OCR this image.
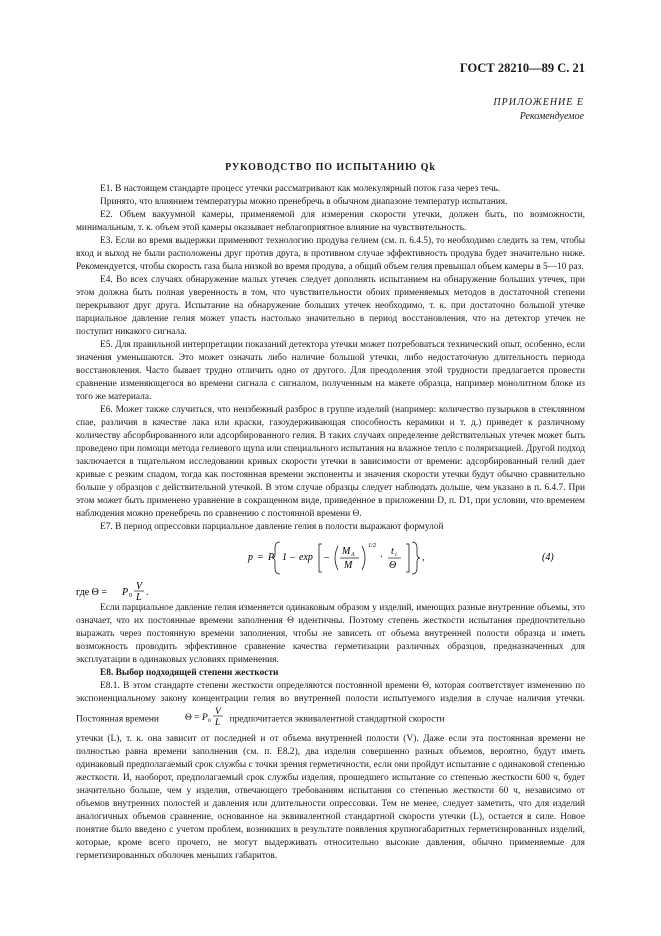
ГОСТ 28210—89 С. 21
ПРИЛОЖЕНИЕ Е
Рекомендуемое
РУКОВОДСТВО ПО ИСПЫТАНИЮ Qk

E1. В настоящем стандарте процесс утечки рассматривают как молекулярный поток газа через течь.

Принято, что влиянием температуры можно пренебречь в обычном диапазоне температур испытания.

E2. Объем вакуумной камеры, применяемой для измерения скорости утечки, должен быть, по возможности, минимальным, т. к. объем этой камеры оказывает неблагоприятное влияние на чувствительность.

E3. Если во время выдержки применяют технологию продува гелием (см. п. 6.4.5), то необходимо следить за тем, чтобы вход и выход не были расположены друг против друга, в противном случае эффективность продува будет значительно ниже. Рекомендуется, чтобы скорость газа была низкой во время продува, а общий объем гелия превышал объем камеры в 5—10 раз.

E4. Во всех случаях обнаружение малых утечек следует дополнять испытанием на обнаружение больших утечек, при этом должна быть полная уверенность в том, что чувствительности обоих применяемых методов в достаточной степени перекрывают друг друга. Испытание на обнаружение больших утечек необходимо, т. к. при достаточно большой утечке парциальное давление гелия может упасть настолько значительно в период восстановления, что на детектор утечек не поступит никакого сигнала.

E5. Для правильной интерпретации показаний детектора утечки может потребоваться технический опыт, особенно, если значения уменьшаются. Это может означать либо наличие большой утечки, либо недостаточную длительность периода восстановления. Часто бывает трудно отличить одно от другого. Для преодоления этой трудности предлагается провести сравнение изменяющегося во времени сигнала с сигналом, полученным на макете образца, например монолитном блоке из того же материала.

E6. Может также случиться, что неизбежный разброс в группе изделий (например: количество пузырьков в стеклянном спае, различия в качестве лака или краски, газоудерживающая способность керамики и т. д.) приведет к различному количеству абсорбированного или адсорбированного гелия. В таких случаях определение действительных утечек может быть проведено при помощи метода гелиевого щупа или специального испытания на влажное тепло с поляризацией. Другой подход заключается в тщательном исследовании кривых скорости утечки в зависимости от времени: адсорбированный гелий дает кривые с резким спадом, тогда как постоянная времени экспоненты и значения скорости утечки будут обычно сравнительно больше у образцов с действительной утечкой. В этом случае образцы следует наблюдать дольше, чем указано в п. 6.4.7. При этом может быть применено уравнение в сокращенном виде, приведенное в приложении D, п. D1, при условии, что временем наблюдения можно пренебречь по сравнению с постоянной времени Θ.

E7. В период опрессовки парциальное давление гелия в полости выражают формулой

p = P 1 – exp –
M A
M
1/2
·
t i
Θ
,	(4)
где Θ = P 0
V
L .

Если парциальное давление гелия изменяется одинаковым образом у изделий, имеющих разные внутренние объемы, это означает, что их постоянные времени заполнения Θ идентичны. Поэтому степень жесткости испытания предпочтительно выражать через постоянную времени заполнения, чтобы не зависеть от объема внутренней полости образца и иметь возможность проводить эффективное сравнение качества герметизации различных образцов, предназначенных для эксплуатации в одинаковых условиях применения.

E8. Выбор подходящей степени жесткости

E8.1. В этом стандарте степени жесткости определяются постоянной времени Θ, которая соответствует изменению по экспоненциальному закону концентрации гелия во внутренней полости испытуемого изделия в случае наличия утечки. Постоянная времени	Θ = P 0
V
L предпочитается эквивалентной стандартной скорости

утечки (L), т. к. она зависит от последней и от объема внутренней полости (V). Даже если эта постоянная времени не полностью равна времени заполнения (см. п. E8.2), два изделия совершенно разных объемов, вероятно, будут иметь одинаковый предполагаемый срок службы с точки зрения герметичности, если они пройдут испытание с одинаковой степенью жесткости. И, наоборот, предполагаемый срок службы изделия, прошедшего испытание со степенью жесткости 600 ч, будет значительно больше, чем у изделия, отвечающего требованиям испытания со степенью жесткости 60 ч, независимо от объемов внутренних полостей и давления или длительности опрессовки. Тем не менее, следует заметить, что для изделий аналогичных объемов сравнение, основанное на эквивалентной стандартной скорости утечки (L), остается в силе. Новое понятие было введено с учетом проблем, возникших в результате появления крупногабаритных герметизированных изделий, которые, кроме всего прочего, не могут выдерживать относительно высокие давления, обычно применяемые для герметизированных оболочек меньших габаритов.
